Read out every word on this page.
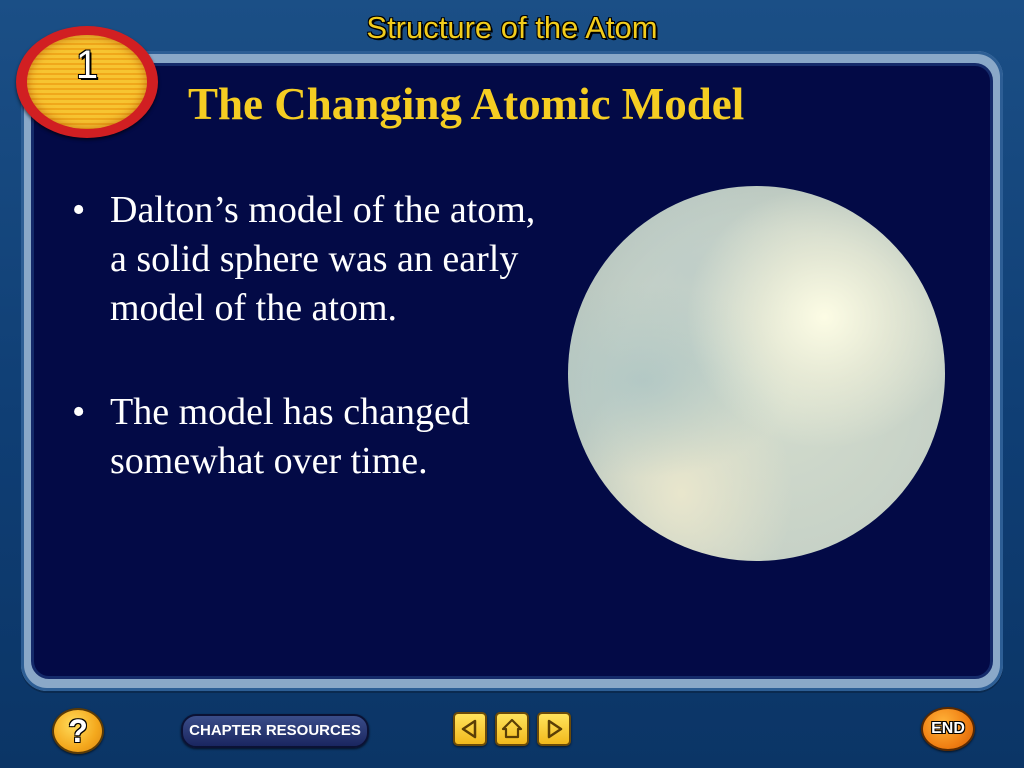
Structure of the Atom
1
The Changing Atomic Model
• Dalton’s model of the atom, a solid sphere was an early model of the atom.
• The model has changed somewhat over time.
?	CHAPTER RESOURCES	END
